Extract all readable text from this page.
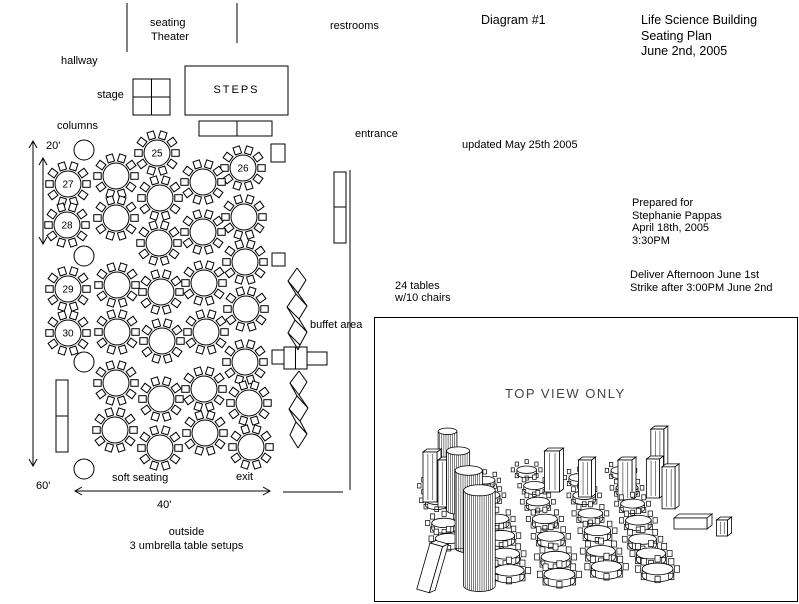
25
26
27
28
29
30
seating
Theater
restrooms	Diagram #1	Life Science Building
Seating Plan
June 2nd, 2005
hallway
stage	STEPS
columns
entrance
updated May 25th 2005
20'
Prepared for
Stephanie Pappas
April 18th, 2005
3:30PM
Deliver Afternoon June 1st
Strike after 3:00PM June 2nd
24 tables
w/10 chairs
buffet area
soft seating	exit
60'
40'
outside
3 umbrella table setups
TOP VIEW ONLY
